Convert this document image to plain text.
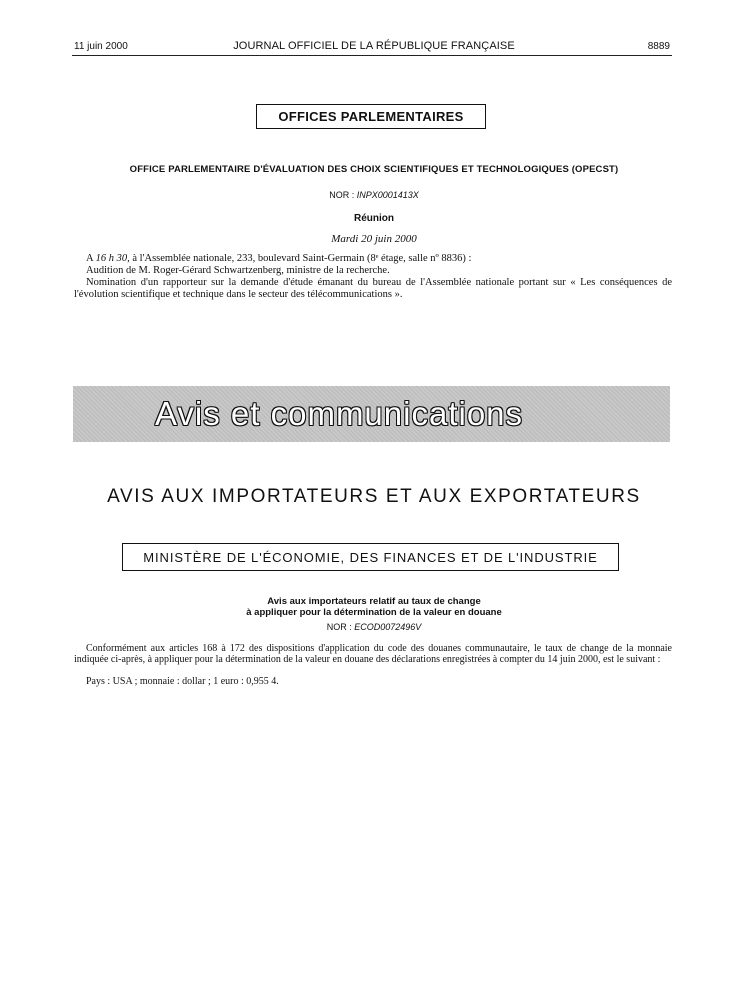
11 juin 2000	JOURNAL OFFICIEL DE LA RÉPUBLIQUE FRANÇAISE	8889
OFFICES PARLEMENTAIRES
OFFICE PARLEMENTAIRE D'ÉVALUATION DES CHOIX SCIENTIFIQUES ET TECHNOLOGIQUES (OPECST)
NOR : INPX0001413X
Réunion
Mardi 20 juin 2000
A 16 h 30, à l'Assemblée nationale, 233, boulevard Saint-Germain (8ᵉ étage, salle nº 8836) :
Audition de M. Roger-Gérard Schwartzenberg, ministre de la recherche.
Nomination d'un rapporteur sur la demande d'étude émanant du bureau de l'Assemblée nationale portant sur « Les conséquences de l'évolution scientifique et technique dans le secteur des télécommunications ».
Avis et communications
AVIS AUX IMPORTATEURS ET AUX EXPORTATEURS
MINISTÈRE DE L'ÉCONOMIE, DES FINANCES ET DE L'INDUSTRIE
Avis aux importateurs relatif au taux de change
à appliquer pour la détermination de la valeur en douane
NOR : ECOD0072496V
Conformément aux articles 168 à 172 des dispositions d'application du code des douanes communautaire, le taux de change de la monnaie indiquée ci-après, à appliquer pour la détermination de la valeur en douane des déclarations enregistrées à compter du 14 juin 2000, est le suivant :
Pays : USA ; monnaie : dollar ; 1 euro : 0,955 4.
